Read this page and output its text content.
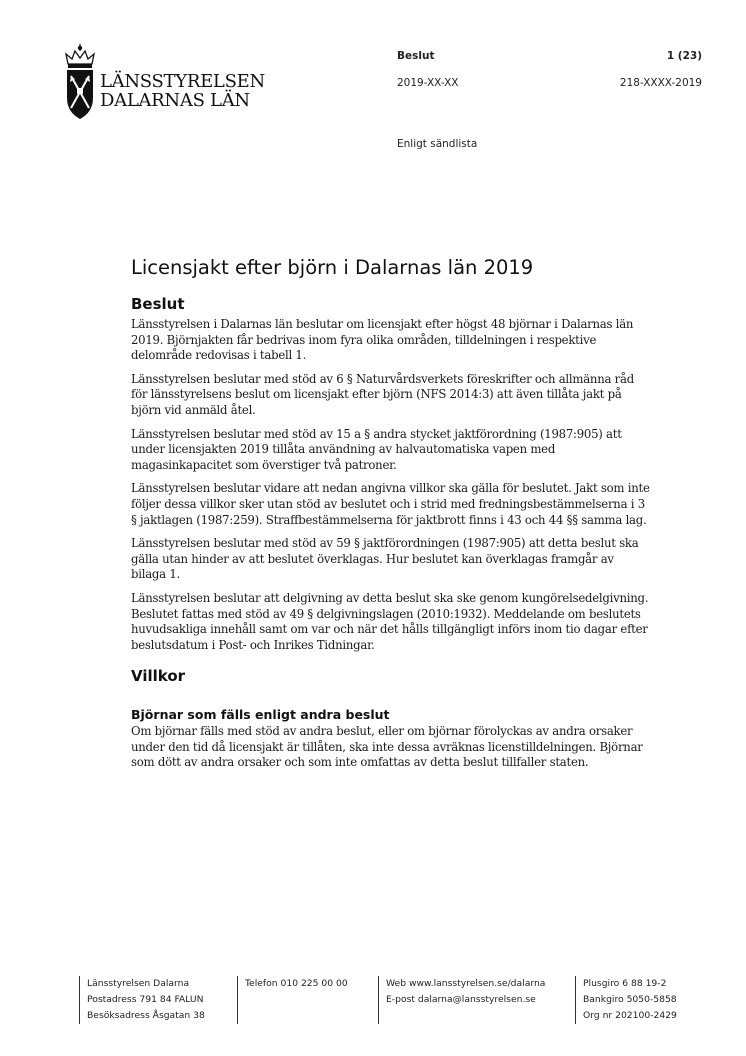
LÄNSSTYRELSEN
DALARNAS LÄN
Beslut	1 (23)
2019-XX-XX	218-XXXX-2019
Enligt sändlista
Licensjakt efter björn i Dalarnas län 2019
Beslut

Länsstyrelsen i Dalarnas län beslutar om licensjakt efter högst 48 björnar i Dalarnas län 2019. Björnjakten får bedrivas inom fyra olika områden, tilldelningen i respektive delområde redovisas i tabell 1.

Länsstyrelsen beslutar med stöd av 6 § Naturvårdsverkets föreskrifter och allmänna råd för länsstyrelsens beslut om licensjakt efter björn (NFS 2014:3) att även tillåta jakt på björn vid anmäld åtel.

Länsstyrelsen beslutar med stöd av 15 a § andra stycket jaktförordning (1987:905) att under licensjakten 2019 tillåta användning av halvautomatiska vapen med magasinkapacitet som överstiger två patroner.

Länsstyrelsen beslutar vidare att nedan angivna villkor ska gälla för beslutet. Jakt som inte följer dessa villkor sker utan stöd av beslutet och i strid med fredningsbestämmelserna i 3 § jaktlagen (1987:259). Straffbestämmelserna för jaktbrott finns i 43 och 44 §§ samma lag.

Länsstyrelsen beslutar med stöd av 59 § jaktförordningen (1987:905) att detta beslut ska gälla utan hinder av att beslutet överklagas. Hur beslutet kan överklagas framgår av bilaga 1.

Länsstyrelsen beslutar att delgivning av detta beslut ska ske genom kungörelsedelgivning. Beslutet fattas med stöd av 49 § delgivningslagen (2010:1932). Meddelande om beslutets huvudsakliga innehåll samt om var och när det hålls tillgängligt införs inom tio dagar efter beslutsdatum i Post- och Inrikes Tidningar.

Villkor
Björnar som fälls enligt andra beslut

Om björnar fälls med stöd av andra beslut, eller om björnar förolyckas av andra orsaker under den tid då licensjakt är tillåten, ska inte dessa avräknas licenstilldelningen. Björnar som dött av andra orsaker och som inte omfattas av detta beslut tillfaller staten.

Länsstyrelsen Dalarna
Postadress 791 84 FALUN
Besöksadress Åsgatan 38
Telefon 010 225 00 00	Web www.lansstyrelsen.se/dalarna
E-post dalarna@lansstyrelsen.se
Plusgiro 6 88 19-2
Bankgiro 5050-5858
Org nr 202100-2429
